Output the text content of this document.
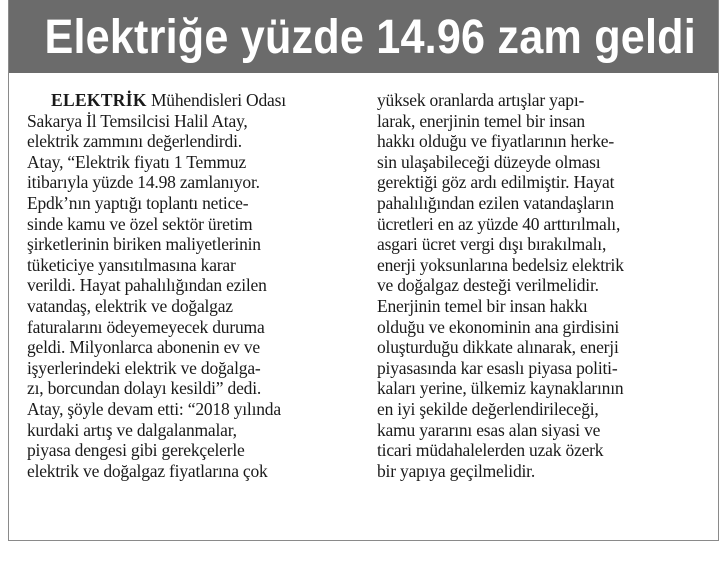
Elektriğe yüzde 14.96 zam geldi
ELEKTRİK Mühendisleri Odası
Sakarya İl Temsilcisi Halil Atay,
elektrik zammını değerlendirdi.
Atay, “Elektrik fiyatı 1 Temmuz
itibarıyla yüzde 14.98 zamlanıyor.
Epdk’nın yaptığı toplantı netice-
sinde kamu ve özel sektör üretim
şirketlerinin biriken maliyetlerinin
tüketiciye yansıtılmasına karar
verildi. Hayat pahalılığından ezilen
vatandaş, elektrik ve doğalgaz
faturalarını ödeyemeyecek duruma
geldi. Milyonlarca abonenin ev ve
işyerlerindeki elektrik ve doğalga-
zı, borcundan dolayı kesildi” dedi.
Atay, şöyle devam etti: “2018 yılında
kurdaki artış ve dalgalanmalar,
piyasa dengesi gibi gerekçelerle
elektrik ve doğalgaz fiyatlarına çok
yüksek oranlarda artışlar yapı-
larak, enerjinin temel bir insan
hakkı olduğu ve fiyatlarının herke-
sin ulaşabileceği düzeyde olması
gerektiği göz ardı edilmiştir. Hayat
pahalılığından ezilen vatandaşların
ücretleri en az yüzde 40 arttırılmalı,
asgari ücret vergi dışı bırakılmalı,
enerji yoksunlarına bedelsiz elektrik
ve doğalgaz desteği verilmelidir.
Enerjinin temel bir insan hakkı
olduğu ve ekonominin ana girdisini
oluşturduğu dikkate alınarak, enerji
piyasasında kar esaslı piyasa politi-
kaları yerine, ülkemiz kaynaklarının
en iyi şekilde değerlendirileceği,
kamu yararını esas alan siyasi ve
ticari müdahalelerden uzak özerk
bir yapıya geçilmelidir.
